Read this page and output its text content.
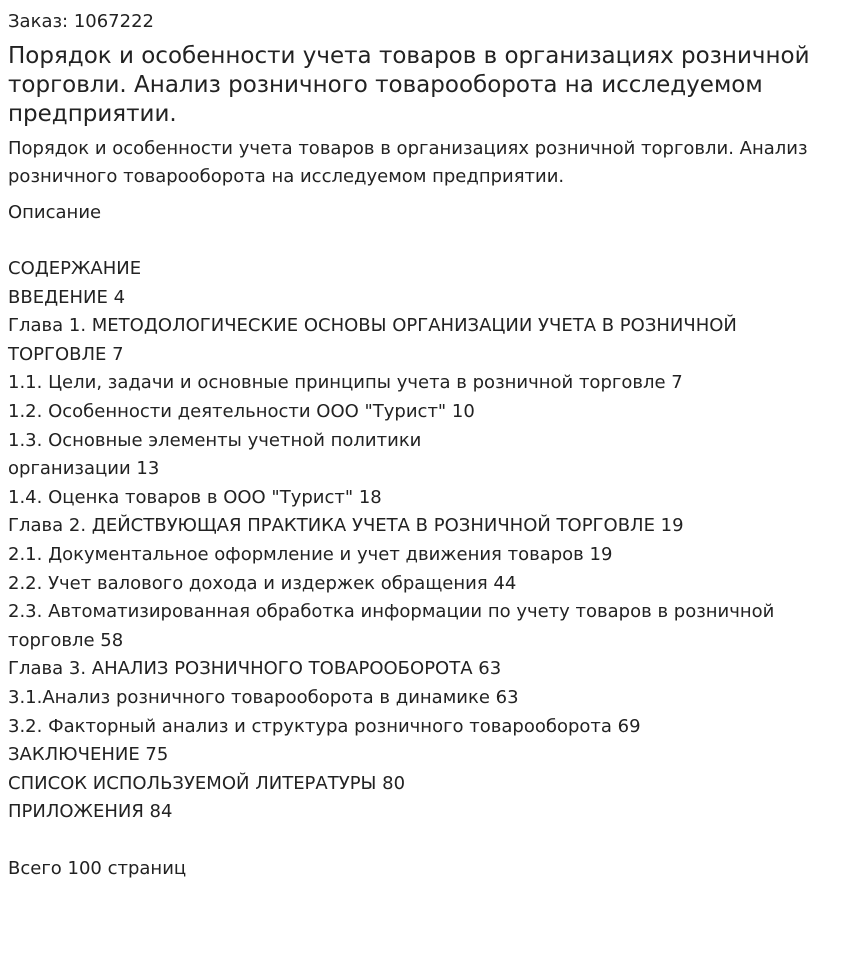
Заказ: 1067222
Порядок и особенности учета товаров в организациях розничной торговли. Анализ розничного товарооборота на исследуемом предприятии.
Порядок и особенности учета товаров в организациях розничной торговли. Анализ розничного товарооборота на исследуемом предприятии.
Описание
СОДЕРЖАНИЕ
ВВЕДЕНИЕ 4
Глава 1. МЕТОДОЛОГИЧЕСКИЕ ОСНОВЫ ОРГАНИЗАЦИИ УЧЕТА В РОЗНИЧНОЙ ТОРГОВЛЕ 7
1.1. Цели, задачи и основные принципы учета в розничной торговле 7
1.2. Особенности деятельности ООО "Турист" 10
1.3. Основные элементы учетной политики
организации 13
1.4. Оценка товаров в ООО "Турист" 18
Глава 2. ДЕЙСТВУЮЩАЯ ПРАКТИКА УЧЕТА В РОЗНИЧНОЙ ТОРГОВЛЕ 19
2.1. Документальное оформление и учет движения товаров 19
2.2. Учет валового дохода и издержек обращения 44
2.3. Автоматизированная обработка информации по учету товаров в розничной торговле 58
Глава 3. АНАЛИЗ РОЗНИЧНОГО ТОВАРООБОРОТА 63
3.1.Анализ розничного товарооборота в динамике 63
3.2. Факторный анализ и структура розничного товарооборота 69
ЗАКЛЮЧЕНИЕ 75
СПИСОК ИСПОЛЬЗУЕМОЙ ЛИТЕРАТУРЫ 80
ПРИЛОЖЕНИЯ 84
Всего 100 страниц
